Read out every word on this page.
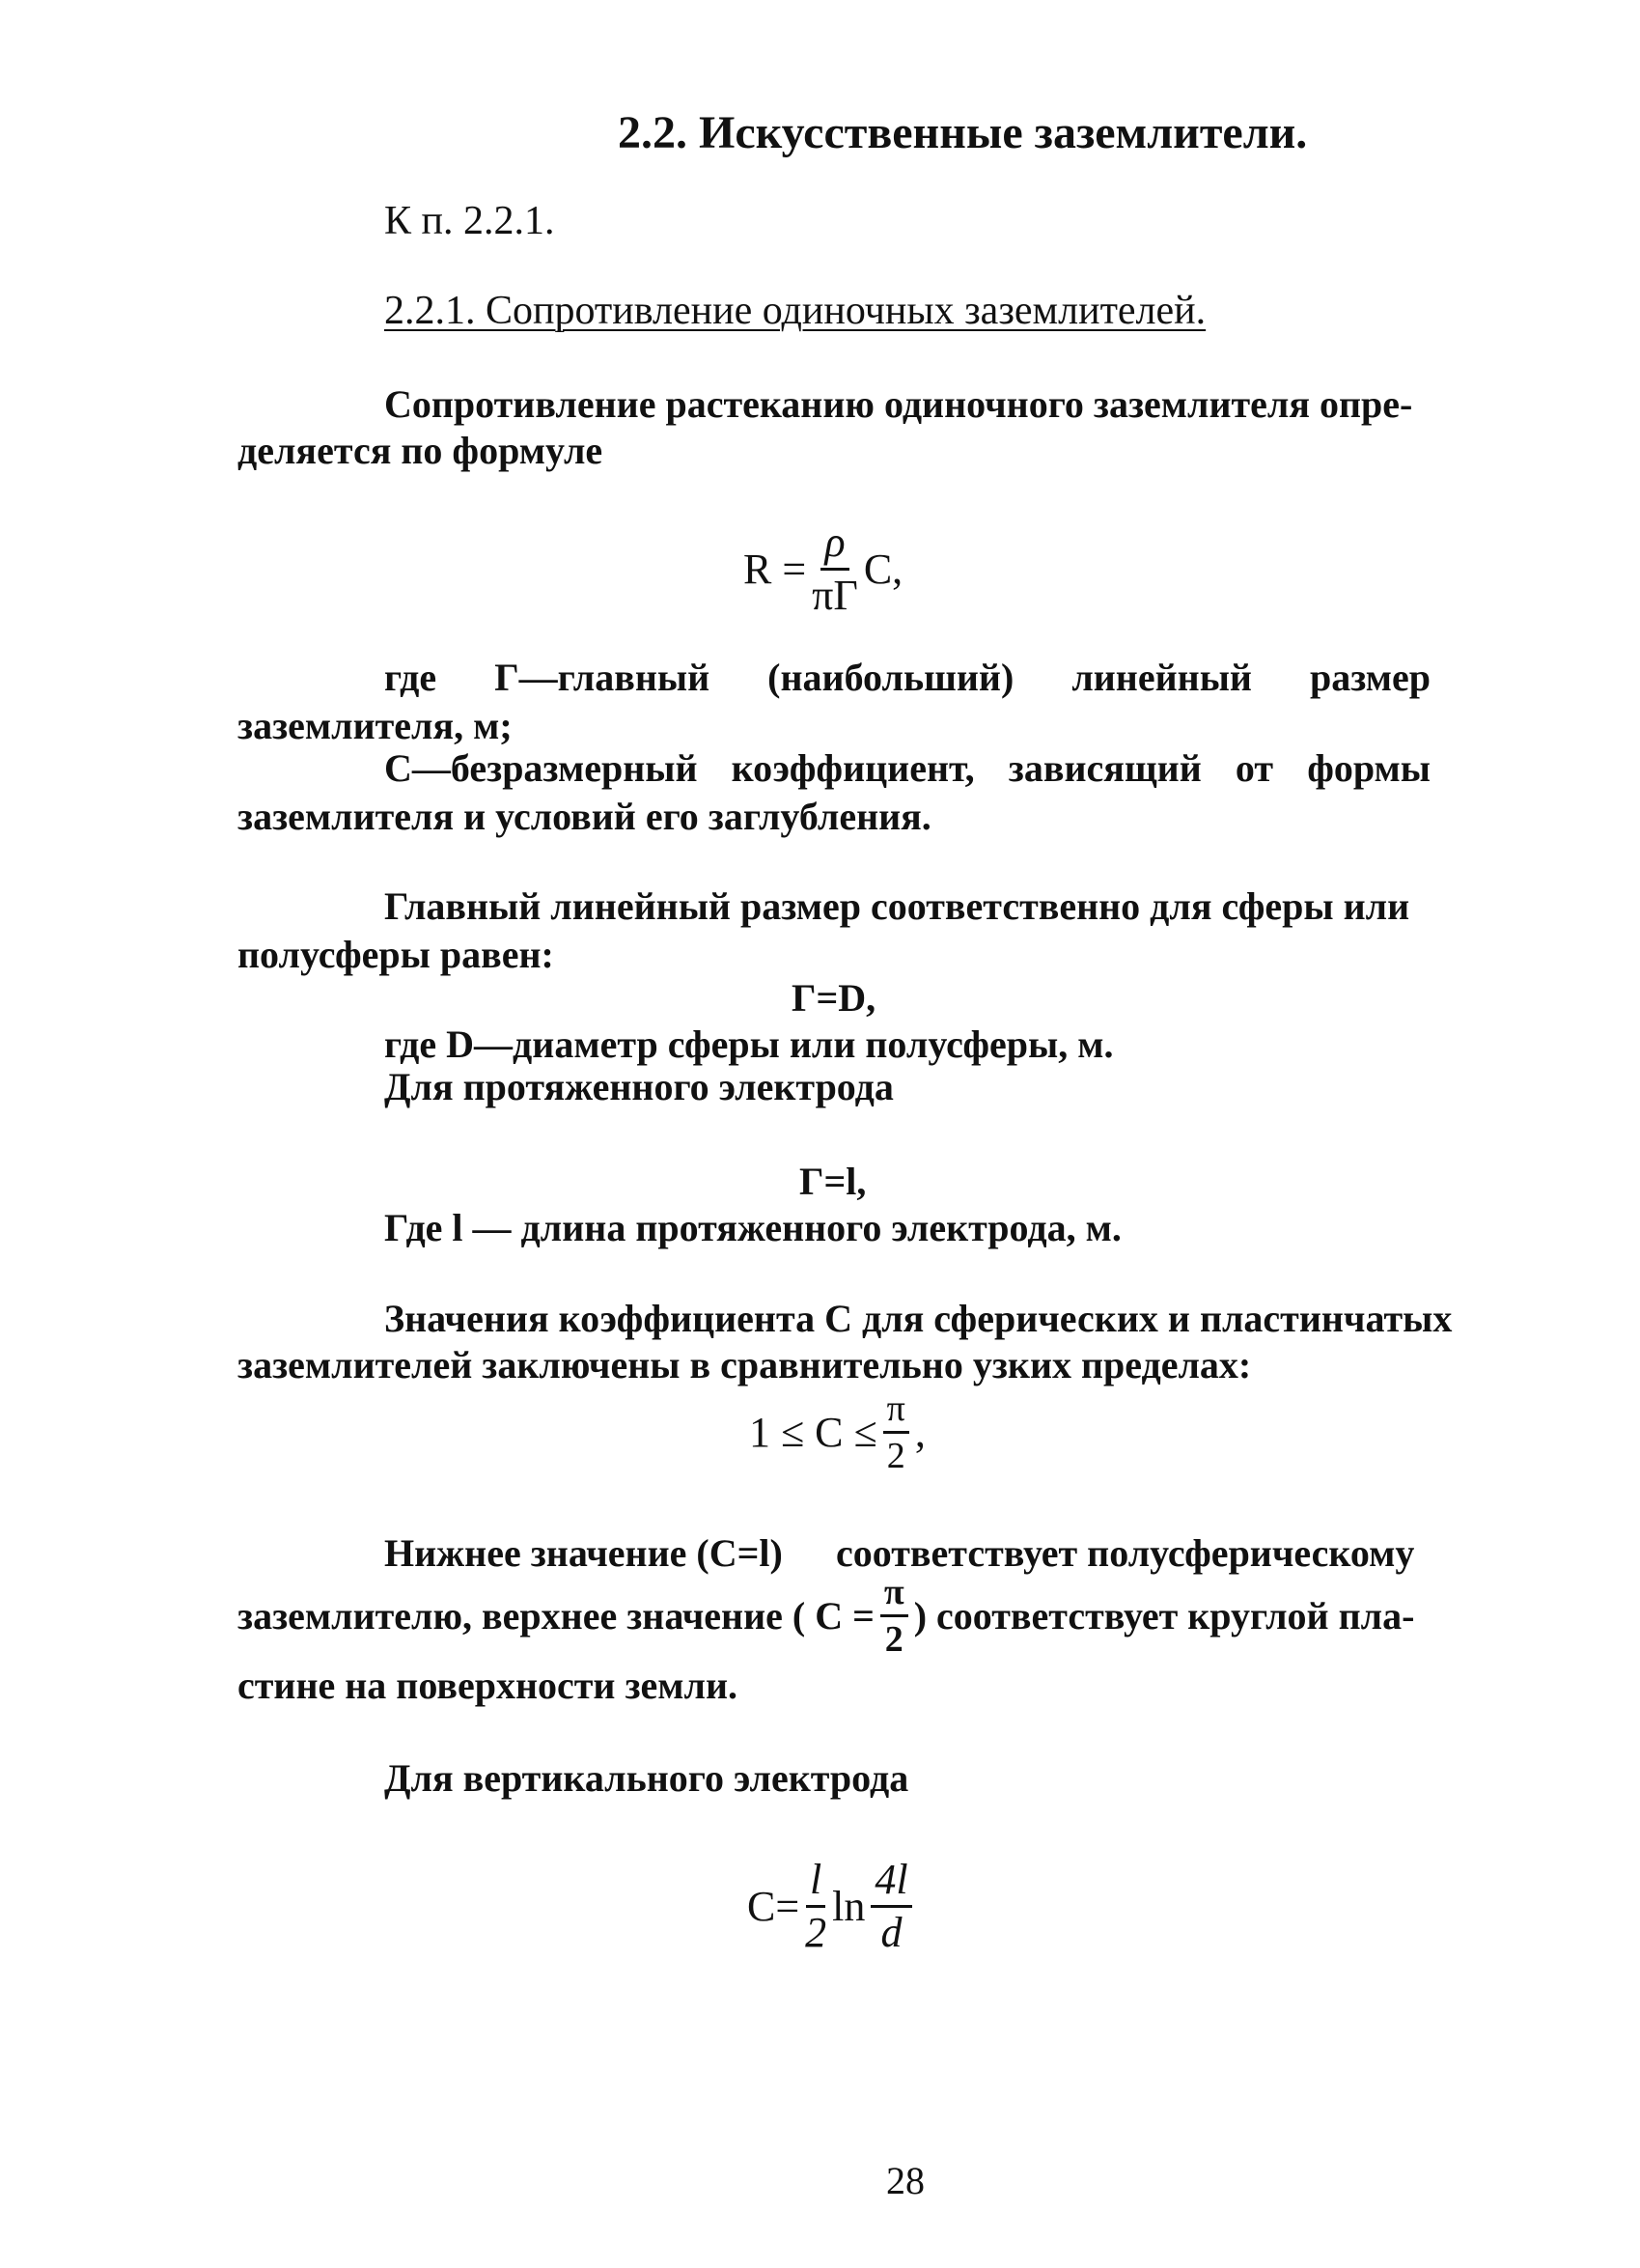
2.2. Искусственные заземлители.
К п. 2.2.1.
2.2.1. Сопротивление одиночных заземлителей.
Сопротивление растеканию одиночного заземлителя опре-
деляется по формуле
$R = \frac{\rho}{\pi\Gamma} C$,
где Γ—главный (наибольший) линейный размер
заземлителя, м;
С—безразмерный коэффициент, зависящий от формы
заземлителя и условий его заглубления.
Главный линейный размер соответственно для сферы или
полусферы равен:
Γ=D,
где D—диаметр сферы или полусферы, м.
Для протяженного электрода
Γ=l,
Где l — длина протяженного электрода, м.
Значения коэффициента С для сферических и пластинчатых
заземлителей заключены в сравнительно узких пределах:
$1 \le C \le \frac{\pi}{2}$ ,
Нижнее значение (С=l) соответствует полусферическому
заземлителю, верхнее значение ( $C = \frac{\pi}{2}$ ) соответствует круглой пла-
стине на поверхности земли.
Для вертикального электрода
$C= \frac{l}{2}$ $\ln \frac{4l}{d}$
28
